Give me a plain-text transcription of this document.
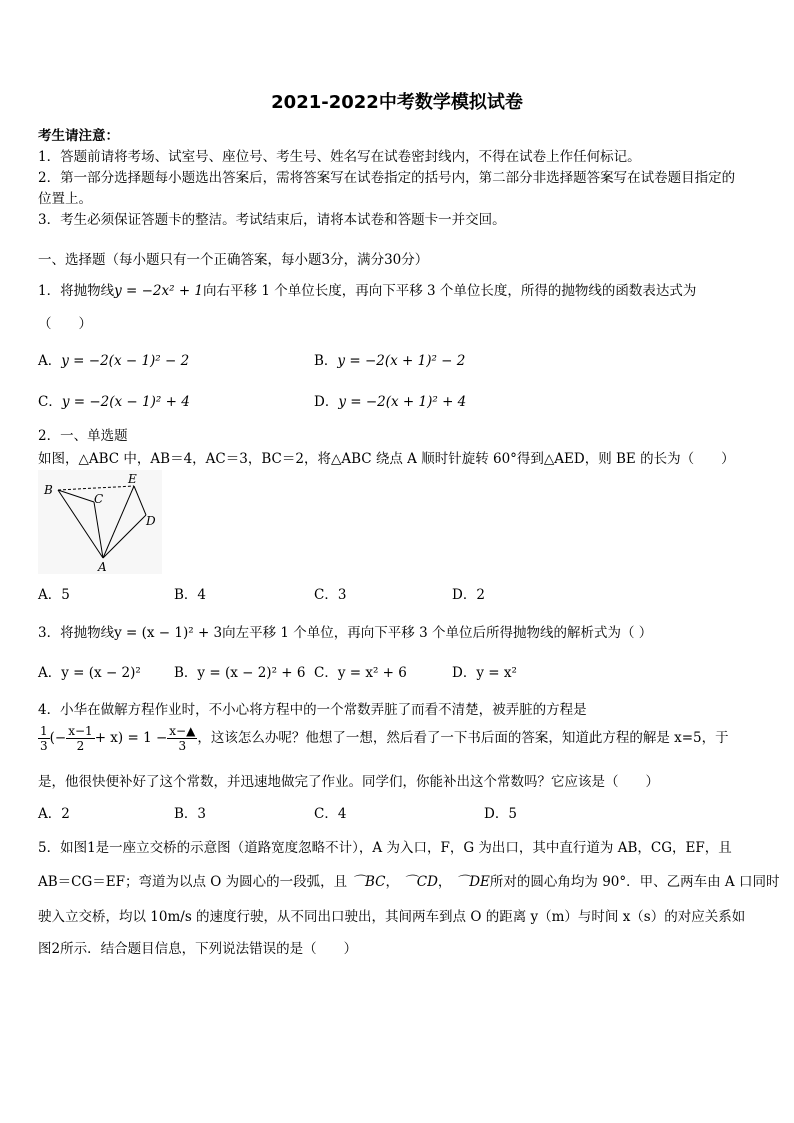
2021-2022中考数学模拟试卷
考生请注意：
1．答题前请将考场、试室号、座位号、考生号、姓名写在试卷密封线内，不得在试卷上作任何标记。
2．第一部分选择题每小题选出答案后，需将答案写在试卷指定的括号内，第二部分非选择题答案写在试卷题目指定的
位置上。
3．考生必须保证答题卡的整洁。考试结束后，请将本试卷和答题卡一并交回。
一、选择题（每小题只有一个正确答案，每小题3分，满分30分）
1．将抛物线y = −2x² + 1向右平移 1 个单位长度，再向下平移 3 个单位长度，所得的抛物线的函数表达式为
（　　）
A．y = −2(x − 1)² − 2	B．y = −2(x + 1)² − 2
C．y = −2(x − 1)² + 4	D．y = −2(x + 1)² + 4
2．一、单选题
如图，△ABC 中，AB＝4，AC＝3，BC＝2，将△ABC 绕点 A 顺时针旋转 60°得到△AED，则 BE 的长为（　　）
B
C
E
D
A
A．5	B．4	C．3	D．2
3．将抛物线y = (x − 1)² + 3向左平移 1 个单位，再向下平移 3 个单位后所得抛物线的解析式为（ ）
A．y = (x − 2)² B．y = (x − 2)² + 6 C．y = x² + 6	D．y = x²
4．小华在做解方程作业时，不小心将方程中的一个常数弄脏了而看不清楚，被弄脏的方程是
$\frac{1}{3}$ (− $\frac{x-1}{2} + x) = 1 - \frac{x-▲}{3}$ ，这该怎么办呢？他想了一想，然后看了一下书后面的答案，知道此方程的解是 x=5，于
是，他很快便补好了这个常数，并迅速地做完了作业。同学们，你能补出这个常数吗？它应该是（　　）
A．2	B．3	C．4	D．5
5．如图1是一座立交桥的示意图（道路宽度忽略不计），A 为入口，F，G 为出口，其中直行道为 AB，CG，EF，且
AB＝CG＝EF；弯道为以点 O 为圆心的一段弧，且 ⌒BC， ⌒CD， ⌒DE所对的圆心角均为 90°．甲、乙两车由 A 口同时
驶入立交桥，均以 10m/s 的速度行驶，从不同出口驶出，其间两车到点 O 的距离 y（m）与时间 x（s）的对应关系如
图2所示．结合题目信息，下列说法错误的是（　　）
